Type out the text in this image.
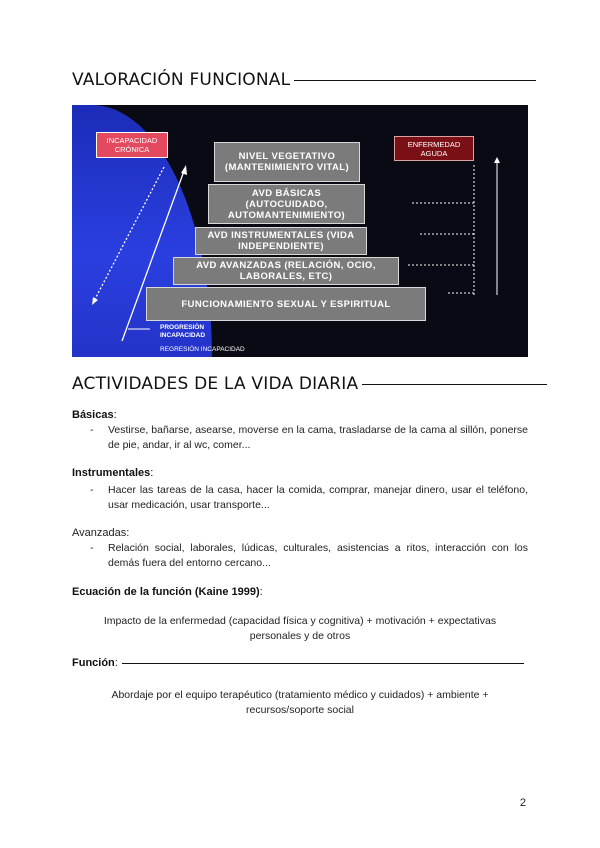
VALORACIÓN FUNCIONAL
INCAPACIDAD CRÓNICA
ENFERMEDAD AGUDA
NIVEL VEGETATIVO (MANTENIMIENTO VITAL)
AVD BÁSICAS (AUTOCUIDADO, AUTOMANTENIMIENTO)
AVD INSTRUMENTALES (VIDA INDEPENDIENTE)
AVD AVANZADAS (RELACIÓN, OCIO, LABORALES, ETC)
FUNCIONAMIENTO SEXUAL Y ESPIRITUAL
PROGRESIÓN INCAPACIDAD
REGRESIÓN INCAPACIDAD
ACTIVIDADES DE LA VIDA DIARIA
Básicas:
- Vestirse, bañarse, asearse, moverse en la cama, trasladarse de la cama al sillón, ponerse de pie, andar, ir al wc, comer...
Instrumentales:
- Hacer las tareas de la casa, hacer la comida, comprar, manejar dinero, usar el teléfono, usar medicación, usar transporte...
Avanzadas:
- Relación social, laborales, lúdicas, culturales, asistencias a ritos, interacción con los demás fuera del entorno cercano...
Ecuación de la función (Kaine 1999):
Impacto de la enfermedad (capacidad física y cognitiva) + motivación + expectativas personales y de otros
Función:
Abordaje por el equipo terapéutico (tratamiento médico y cuidados) + ambiente + recursos/soporte social
2
